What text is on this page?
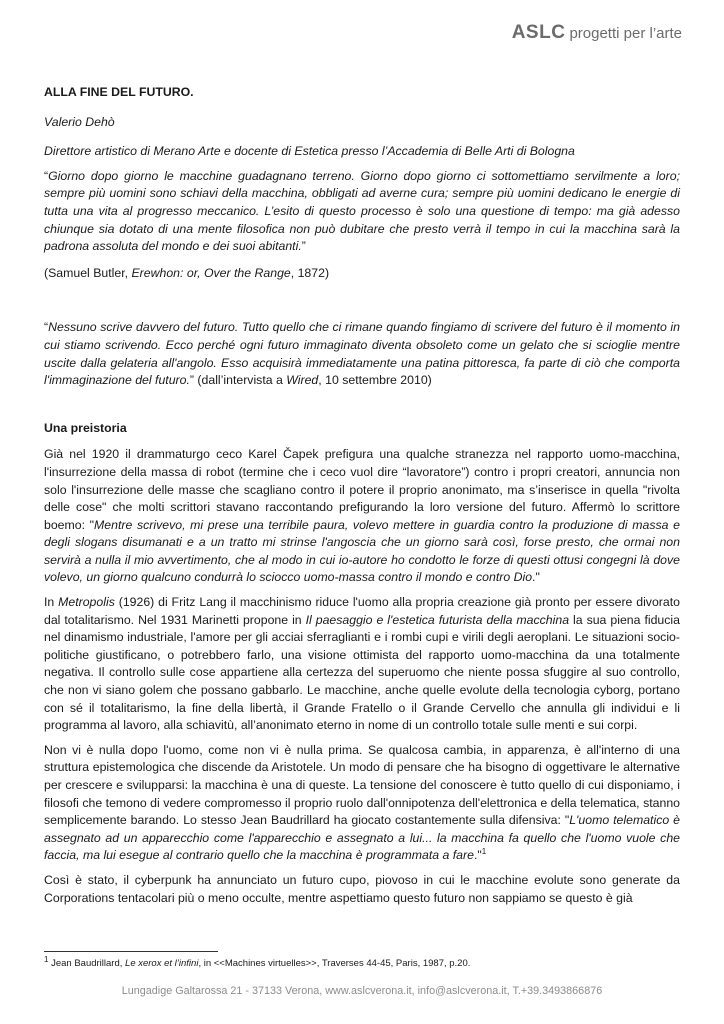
ASLC progetti per l’arte

ALLA FINE DEL FUTURO.

Valerio Dehò

Direttore artistico di Merano Arte e docente di Estetica presso l’Accademia di Belle Arti di Bologna

“Giorno dopo giorno le macchine guadagnano terreno. Giorno dopo giorno ci sottomettiamo servilmente a loro; sempre più uomini sono schiavi della macchina, obbligati ad averne cura; sempre più uomini dedicano le energie di tutta una vita al progresso meccanico. L’esito di questo processo è solo una questione di tempo: ma già adesso chiunque sia dotato di una mente filosofica non può dubitare che presto verrà il tempo in cui la macchina sarà la padrona assoluta del mondo e dei suoi abitanti.”

(Samuel Butler, Erewhon: or, Over the Range, 1872)

“Nessuno scrive davvero del futuro. Tutto quello che ci rimane quando fingiamo di scrivere del futuro è il momento in cui stiamo scrivendo. Ecco perché ogni futuro immaginato diventa obsoleto come un gelato che si scioglie mentre uscite dalla gelateria all'angolo. Esso acquisirà immediatamente una patina pittoresca, fa parte di ciò che comporta l'immaginazione del futuro.” (dall’intervista a Wired, 10 settembre 2010)

Una preistoria

Già nel 1920 il drammaturgo ceco Karel Čapek prefigura una qualche stranezza nel rapporto uomo-macchina, l'insurrezione della massa di robot (termine che i ceco vuol dire “lavoratore”) contro i propri creatori, annuncia non solo l'insurrezione delle masse che scagliano contro il potere il proprio anonimato, ma s’inserisce in quella "rivolta delle cose" che molti scrittori stavano raccontando prefigurando la loro versione del futuro. Affermò lo scrittore boemo: "Mentre scrivevo, mi prese una terribile paura, volevo mettere in guardia contro la produzione di massa e degli slogans disumanati e a un tratto mi strinse l'angoscia che un giorno sarà così, forse presto, che ormai non servirà a nulla il mio avvertimento, che al modo in cui io-autore ho condotto le forze di questi ottusi congegni là dove volevo, un giorno qualcuno condurrà lo sciocco uomo-massa contro il mondo e contro Dio."

In Metropolis (1926) di Fritz Lang il macchinismo riduce l'uomo alla propria creazione già pronto per essere divorato dal totalitarismo. Nel 1931 Marinetti propone in Il paesaggio e l'estetica futurista della macchina la sua piena fiducia nel dinamismo industriale, l'amore per gli acciai sferraglianti e i rombi cupi e virili degli aeroplani. Le situazioni socio-politiche giustificano, o potrebbero farlo, una visione ottimista del rapporto uomo-macchina da una totalmente negativa. Il controllo sulle cose appartiene alla certezza del superuomo che niente possa sfuggire al suo controllo, che non vi siano golem che possano gabbarlo. Le macchine, anche quelle evolute della tecnologia cyborg, portano con sé il totalitarismo, la fine della libertà, il Grande Fratello o il Grande Cervello che annulla gli individui e li programma al lavoro, alla schiavitù, all’anonimato eterno in nome di un controllo totale sulle menti e sui corpi.

Non vi è nulla dopo l'uomo, come non vi è nulla prima. Se qualcosa cambia, in apparenza, è all'interno di una struttura epistemologica che discende da Aristotele. Un modo di pensare che ha bisogno di oggettivare le alternative per crescere e svilupparsi: la macchina è una di queste. La tensione del conoscere è tutto quello di cui disponiamo, i filosofi che temono di vedere compromesso il proprio ruolo dall'onnipotenza dell'elettronica e della telematica, stanno semplicemente barando. Lo stesso Jean Baudrillard ha giocato costantemente sulla difensiva: "L'uomo telematico è assegnato ad un apparecchio come l'apparecchio e assegnato a lui... la macchina fa quello che l'uomo vuole che faccia, ma lui esegue al contrario quello che la macchina è programmata a fare."$^1$

Così è stato, il cyberpunk ha annunciato un futuro cupo, piovoso in cui le macchine evolute sono generate da Corporations tentacolari più o meno occulte, mentre aspettiamo questo futuro non sappiamo se questo è già

$^1$ Jean Baudrillard, Le xerox et l’infini, in <<Machines virtuelles>>, Traverses 44-45, Paris, 1987, p.20.
Lungadige Galtarossa 21 - 37133 Verona, www.aslcverona.it, info@aslcverona.it, T.+39.3493866876
